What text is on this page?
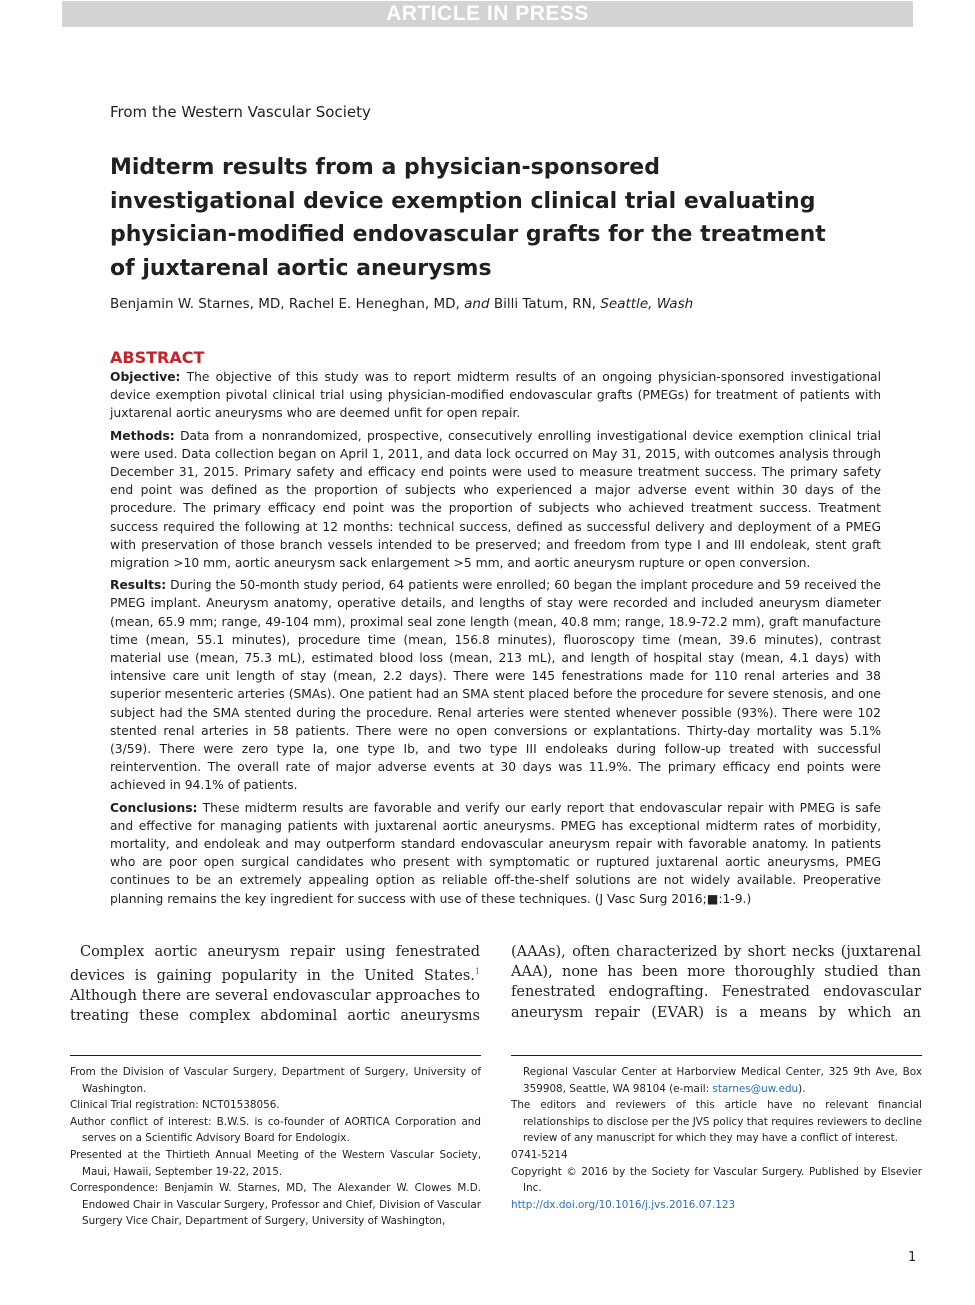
ARTICLE IN PRESS
From the Western Vascular Society
Midterm results from a physician-sponsored investigational device exemption clinical trial evaluating physician-modified endovascular grafts for the treatment of juxtarenal aortic aneurysms
Benjamin W. Starnes, MD, Rachel E. Heneghan, MD, and Billi Tatum, RN, Seattle, Wash
ABSTRACT

Objective: The objective of this study was to report midterm results of an ongoing physician-sponsored investigational device exemption pivotal clinical trial using physician-modified endovascular grafts (PMEGs) for treatment of patients with juxtarenal aortic aneurysms who are deemed unfit for open repair.

Methods: Data from a nonrandomized, prospective, consecutively enrolling investigational device exemption clinical trial were used. Data collection began on April 1, 2011, and data lock occurred on May 31, 2015, with outcomes analysis through December 31, 2015. Primary safety and efficacy end points were used to measure treatment success. The primary safety end point was defined as the proportion of subjects who experienced a major adverse event within 30 days of the procedure. The primary efficacy end point was the proportion of subjects who achieved treatment success. Treatment success required the following at 12 months: technical success, defined as successful delivery and deployment of a PMEG with preservation of those branch vessels intended to be preserved; and freedom from type I and III endoleak, stent graft migration >10 mm, aortic aneurysm sack enlargement >5 mm, and aortic aneurysm rupture or open conversion.

Results: During the 50-month study period, 64 patients were enrolled; 60 began the implant procedure and 59 received the PMEG implant. Aneurysm anatomy, operative details, and lengths of stay were recorded and included aneurysm diameter (mean, 65.9 mm; range, 49-104 mm), proximal seal zone length (mean, 40.8 mm; range, 18.9-72.2 mm), graft manufacture time (mean, 55.1 minutes), procedure time (mean, 156.8 minutes), fluoroscopy time (mean, 39.6 minutes), contrast material use (mean, 75.3 mL), estimated blood loss (mean, 213 mL), and length of hospital stay (mean, 4.1 days) with intensive care unit length of stay (mean, 2.2 days). There were 145 fenestrations made for 110 renal arteries and 38 superior mesenteric arteries (SMAs). One patient had an SMA stent placed before the procedure for severe stenosis, and one subject had the SMA stented during the procedure. Renal arteries were stented whenever possible (93%). There were 102 stented renal arteries in 58 patients. There were no open conversions or explantations. Thirty-day mortality was 5.1% (3/59). There were zero type Ia, one type Ib, and two type III endoleaks during follow-up treated with successful reintervention. The overall rate of major adverse events at 30 days was 11.9%. The primary efficacy end points were achieved in 94.1% of patients.

Conclusions: These midterm results are favorable and verify our early report that endovascular repair with PMEG is safe and effective for managing patients with juxtarenal aortic aneurysms. PMEG has exceptional midterm rates of morbidity, mortality, and endoleak and may outperform standard endovascular aneurysm repair with favorable anatomy. In patients who are poor open surgical candidates who present with symptomatic or ruptured juxtarenal aortic aneurysms, PMEG continues to be an extremely appealing option as reliable off-the-shelf solutions are not widely available. Preoperative planning remains the key ingredient for success with use of these techniques. (J Vasc Surg 2016;■:1-9.)

Complex aortic aneurysm repair using fenestrated devices is gaining popularity in the United States.$^1$ Although there are several endovascular approaches to treating these complex abdominal aortic aneurysms

(AAAs), often characterized by short necks (juxtarenal AAA), none has been more thoroughly studied than fenestrated endografting. Fenestrated endovascular aneurysm repair (EVAR) is a means by which an

From the Division of Vascular Surgery, Department of Surgery, University of Washington.

Clinical Trial registration: NCT01538056.

Author conflict of interest: B.W.S. is co-founder of AORTICA Corporation and serves on a Scientific Advisory Board for Endologix.

Presented at the Thirtieth Annual Meeting of the Western Vascular Society, Maui, Hawaii, September 19-22, 2015.

Correspondence: Benjamin W. Starnes, MD, The Alexander W. Clowes M.D. Endowed Chair in Vascular Surgery, Professor and Chief, Division of Vascular Surgery Vice Chair, Department of Surgery, University of Washington,

Regional Vascular Center at Harborview Medical Center, 325 9th Ave, Box 359908, Seattle, WA 98104 (e-mail: starnes@uw.edu).

The editors and reviewers of this article have no relevant financial relationships to disclose per the JVS policy that requires reviewers to decline review of any manuscript for which they may have a conflict of interest.

0741-5214

Copyright © 2016 by the Society for Vascular Surgery. Published by Elsevier Inc.

http://dx.doi.org/10.1016/j.jvs.2016.07.123

1
